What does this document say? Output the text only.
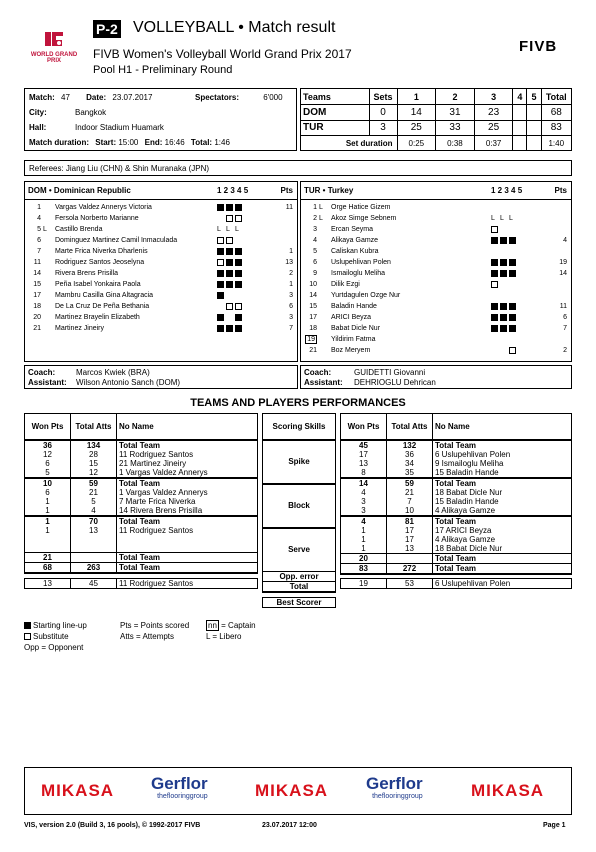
WORLD GRAND PRIX
P-2 VOLLEYBALL • Match result
FIVB Women's Volleyball World Grand Prix 2017
Pool H1 - Preliminary Round
FIVB
Match: 47 Date: 23.07.2017	Spectators:	6'000
City:	Bangkok
Hall:	Indoor Stadium Huamark
Match duration: Start: 15:00 End: 16:46 Total: 1:46
Teams	Sets	1	2	3	4	5	Total
DOM	0	14	31	23			68
TUR	3	25	33	25			83
Set duration		0:25	0:38	0:37			1:40
Referees: Jiang Liu (CHN) & Shin Muranaka (JPN)
DOM • Dominican Republic	1 2 3 4 5	Pts
1 Vargas Valdez Annerys Victoria	11
4 Fersola Norberto Marianne
5 L Castillo Brenda	L L L
6 Dominguez Martinez Camil Inmaculada
7 Marte Frica Niverka Dharlenis	1
11 Rodriguez Santos Jeoselyna	13
14 Rivera Brens Prisilla	2
15 Peña Isabel Yonkaira Paola	1
17 Mambru Casilla Gina Altagracia	3
18 De La Cruz De Peña Bethania	6
20 Martinez Brayelin Elizabeth	3
21 Martinez Jineiry	7
TUR • Turkey	1 2 3 4 5	Pts
1 L Orge Hatice Gizem
2 L Akoz Simge Sebnem	L L L
3 Ercan Seyma
4 Alikaya Gamze	4
5 Caliskan Kubra
6 Uslupehlivan Polen	19
9 Ismailoglu Meliha	14
10 Dilik Ezgi
14 Yurtdagulen Ozge Nur
15 Baladin Hande	11
17 ARICI Beyza	6
18 Babat Dicle Nur	7
19 Yildirim Fatma
21 Boz Meryem	2
Coach:	Marcos Kwiek (BRA)
Assistant: Wilson Antonio Sanch (DOM)
Coach:	GUIDETTI Giovanni
Assistant: DEHRIOGLU Dehrican
TEAMS AND PLAYERS PERFORMANCES
Won Pts	Total Atts	No Name
36	134	Total Team
12	28	11 Rodriguez Santos
6	15	21 Martinez Jineiry
5	12	1 Vargas Valdez Annerys
10	59	Total Team
6	21	1 Vargas Valdez Annerys
1	5	7 Marte Frica Niverka
1	4	14 Rivera Brens Prisilla
1	70	Total Team
1	13	11 Rodriguez Santos

21		Total Team
68	263	Total Team

13	45	11 Rodriguez Santos
Scoring Skills
Spike
Block
Serve
Opp. error
Total

Best Scorer
Won Pts	Total Atts	No Name
45	132	Total Team
17	36	6 Uslupehlivan Polen
13	34	9 Ismailoglu Meliha
8	35	15 Baladin Hande
14	59	Total Team
4	21	18 Babat Dicle Nur
3	7	15 Baladin Hande
3	10	4 Alikaya Gamze
4	81	Total Team
1	17	17 ARICI Beyza
1	17	4 Alikaya Gamze
1	13	18 Babat Dicle Nur
20		Total Team
83	272	Total Team

19	53	6 Uslupehlivan Polen
Starting line-up
Substitute
Opp = Opponent
Pts = Points scored
Atts = Attempts
nn = Captain
L = Libero
MIKASA Gerflor
theflooringgroup	MIKASA Gerflor
theflooringgroup	MIKASA
VIS, version 2.0 (Build 3, 16 pools), © 1992-2017 FIVB	23.07.2017 12:00	Page 1
